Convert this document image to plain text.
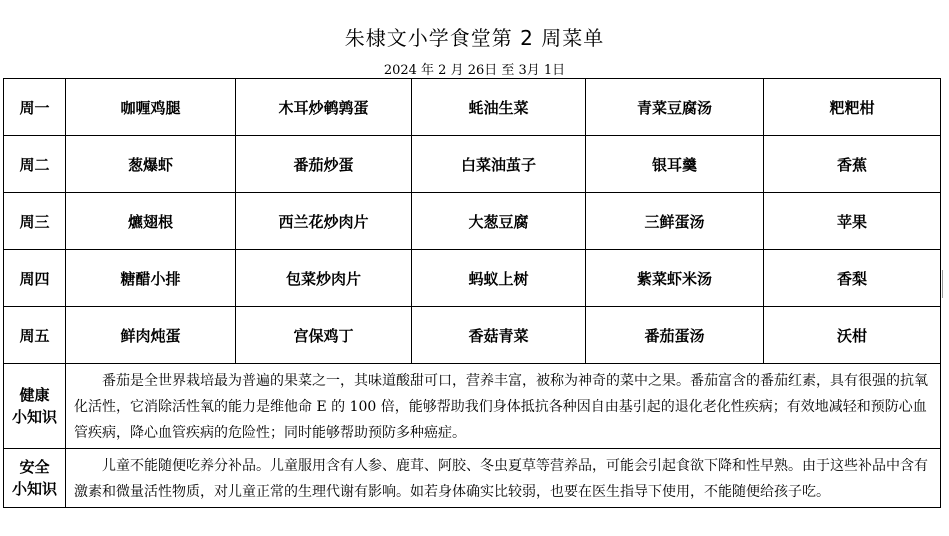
朱棣文小学食堂第 2 周菜单
2024 年 2 月 26日 至 3月 1日
周一	咖喱鸡腿	木耳炒鹌鹑蛋	蚝油生菜	青菜豆腐汤	粑粑柑
周二	葱爆虾	番茄炒蛋	白菜油茧子	银耳羹	香蕉
周三	爊翅根	西兰花炒肉片	大葱豆腐	三鲜蛋汤	苹果
周四	糖醋小排	包菜炒肉片	蚂蚁上树	紫菜虾米汤	香梨
周五	鲜肉炖蛋	宫保鸡丁	香菇青菜	番茄蛋汤	沃柑
健康
小知识	番茄是全世界栽培最为普遍的果菜之一，其味道酸甜可口，营养丰富，被称为神奇的菜中之果。番茄富含的番茄红素，具有很强的抗氧化活性，它消除活性氧的能力是维他命 E 的 100 倍，能够帮助我们身体抵抗各种因自由基引起的退化老化性疾病；有效地减轻和预防心血管疾病，降心血管疾病的危险性；同时能够帮助预防多种癌症。				

安全
小知识	儿童不能随便吃养分补品。儿童服用含有人参、鹿茸、阿胶、冬虫夏草等营养品，可能会引起食欲下降和性早熟。由于这些补品中含有激素和微量活性物质，对儿童正常的生理代谢有影响。如若身体确实比较弱，也要在医生指导下使用，不能随便给孩子吃。				
